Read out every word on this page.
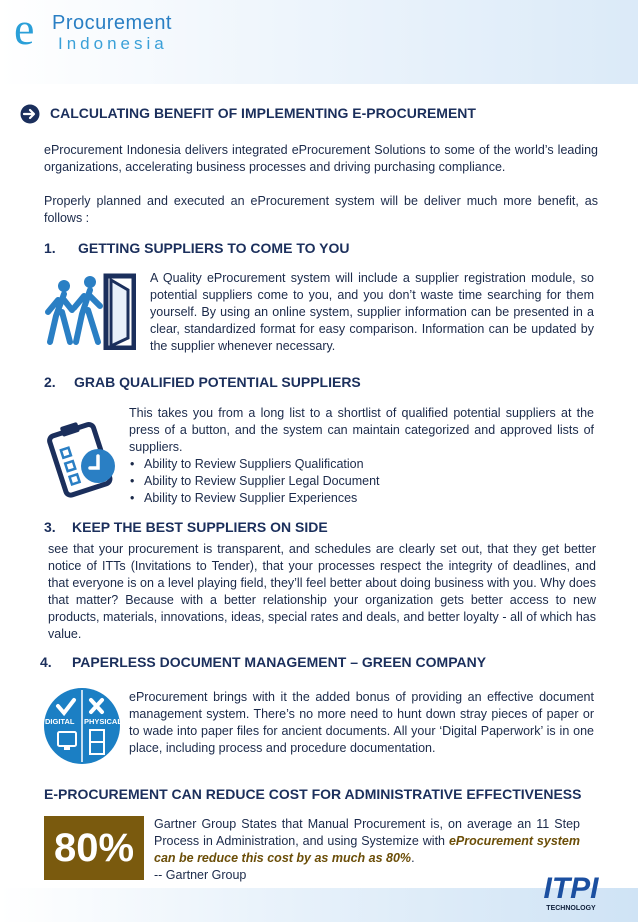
e Procurement
Indonesia
CALCULATING BENEFIT OF IMPLEMENTING E-PROCUREMENT
eProcurement Indonesia delivers integrated eProcurement Solutions to some of the world’s leading organizations, accelerating business processes and driving purchasing compliance.
Properly planned and executed an eProcurement system will be deliver much more benefit, as follows :
1. GETTING SUPPLIERS TO COME TO YOU
A Quality eProcurement system will include a supplier registration module, so potential suppliers come to you, and you don’t waste time searching for them yourself. By using an online system, supplier information can be presented in a clear, standardized format for easy comparison. Information can be updated by the supplier whenever necessary.
2. GRAB QUALIFIED POTENTIAL SUPPLIERS
This takes you from a long list to a shortlist of qualified potential suppliers at the press of a button, and the system can maintain categorized and approved lists of suppliers.
• Ability to Review Suppliers Qualification
• Ability to Review Supplier Legal Document
• Ability to Review Supplier Experiences
3. KEEP THE BEST SUPPLIERS ON SIDE
see that your procurement is transparent, and schedules are clearly set out, that they get better notice of ITTs (Invitations to Tender), that your processes respect the integrity of deadlines, and that everyone is on a level playing field, they’ll feel better about doing business with you. Why does that matter? Because with a better relationship your organization gets better access to new products, materials, innovations, ideas, special rates and deals, and better loyalty - all of which has value.
4. PAPERLESS DOCUMENT MANAGEMENT – GREEN COMPANY
DIGITAL PHYSICAL
eProcurement brings with it the added bonus of providing an effective document management system. There’s no more need to hunt down stray pieces of paper or to wade into paper files for ancient documents. All your ‘Digital Paperwork’ is in one place, including process and procedure documentation.
E-PROCUREMENT CAN REDUCE COST FOR ADMINISTRATIVE EFFECTIVENESS
80%
Gartner Group States that Manual Procurement is, on average an 11 Step Process in Administration, and using Systemize with eProcurement system can be reduce this cost by as much as 80%.
-- Gartner Group	ITPI
TECHNOLOGY
